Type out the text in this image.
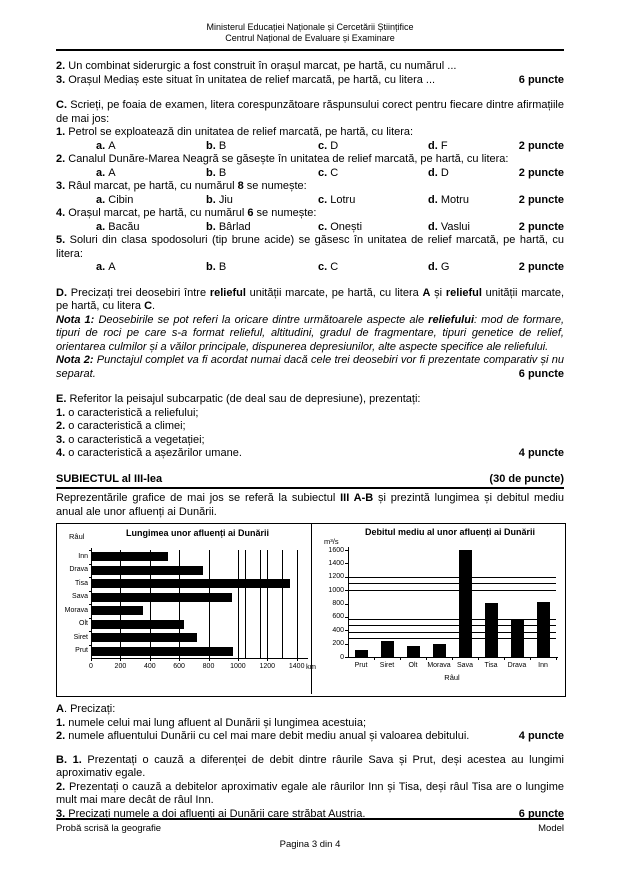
Ministerul Educației Naționale și Cercetării Științifice
Centrul Național de Evaluare și Examinare
2. Un combinat siderurgic a fost construit în orașul marcat, pe hartă, cu numărul ...
3. Orașul Mediaș este situat în unitatea de relief marcată, pe hartă, cu litera ...	6 puncte
C. Scrieți, pe foaia de examen, litera corespunzătoare răspunsului corect pentru fiecare dintre afirmațiile de mai jos:
1. Petrol se exploatează din unitatea de relief marcată, pe hartă, cu litera:
a. A	b. B	c. D	d. F	2 puncte
2. Canalul Dunăre-Marea Neagră se găsește în unitatea de relief marcată, pe hartă, cu litera:
a. A	b. B	c. C	d. D	2 puncte
3. Râul marcat, pe hartă, cu numărul 8 se numește:
a. Cibin	b. Jiu	c. Lotru	d. Motru	2 puncte
4. Orașul marcat, pe hartă, cu numărul 6 se numește:
a. Bacău	b. Bârlad	c. Onești	d. Vaslui	2 puncte
5. Soluri din clasa spodosoluri (tip brune acide) se găsesc în unitatea de relief marcată, pe hartă, cu litera:
a. A	b. B	c. C	d. G	2 puncte
D. Precizați trei deosebiri între relieful unității marcate, pe hartă, cu litera A și relieful unității marcate, pe hartă, cu litera C.
Nota 1: Deosebirile se pot referi la oricare dintre următoarele aspecte ale reliefului: mod de formare, tipuri de roci pe care s-a format relieful, altitudini, gradul de fragmentare, tipuri genetice de relief, orientarea culmilor și a văilor principale, dispunerea depresiunilor, alte aspecte specifice ale reliefului.
Nota 2: Punctajul complet va fi acordat numai dacă cele trei deosebiri vor fi prezentate comparativ și nu separat.	6 puncte
E. Referitor la peisajul subcarpatic (de deal sau de depresiune), prezentați:
1. o caracteristică a reliefului;
2. o caracteristică a climei;
3. o caracteristică a vegetației;
4. o caracteristică a așezărilor umane.	4 puncte
SUBIECTUL al III-lea	(30 de puncte)
Reprezentările grafice de mai jos se referă la subiectul III A-B și prezintă lungimea și debitul mediu anual ale unor afluenți ai Dunării.
Lungimea unor afluenți ai Dunării
Râul
Inn
Drava
Tisa
Sava
Morava
Olt
Siret
Prut
0	200	400	600	800	1000	1200	1400 km
Debitul mediu al unor afluenți ai Dunării
m³/s
0
200
400
600
800
1000
1200
1400
1600
Prut	Siret	Olt	Morava Sava	Tisa	Drava	Inn
Râul
A. Precizați:
1. numele celui mai lung afluent al Dunării și lungimea acestuia;
2. numele afluentului Dunării cu cel mai mare debit mediu anual și valoarea debitului.	4 puncte
B. 1. Prezentați o cauză a diferenței de debit dintre râurile Sava și Prut, deși acestea au lungimi aproximativ egale.
2. Prezentați o cauză a debitelor aproximativ egale ale râurilor Inn și Tisa, deși râul Tisa are o lungime mult mai mare decât de râul Inn.
3. Precizați numele a doi afluenți ai Dunării care străbat Austria.	6 puncte
Probă scrisă la geografie	Model
Pagina 3 din 4
